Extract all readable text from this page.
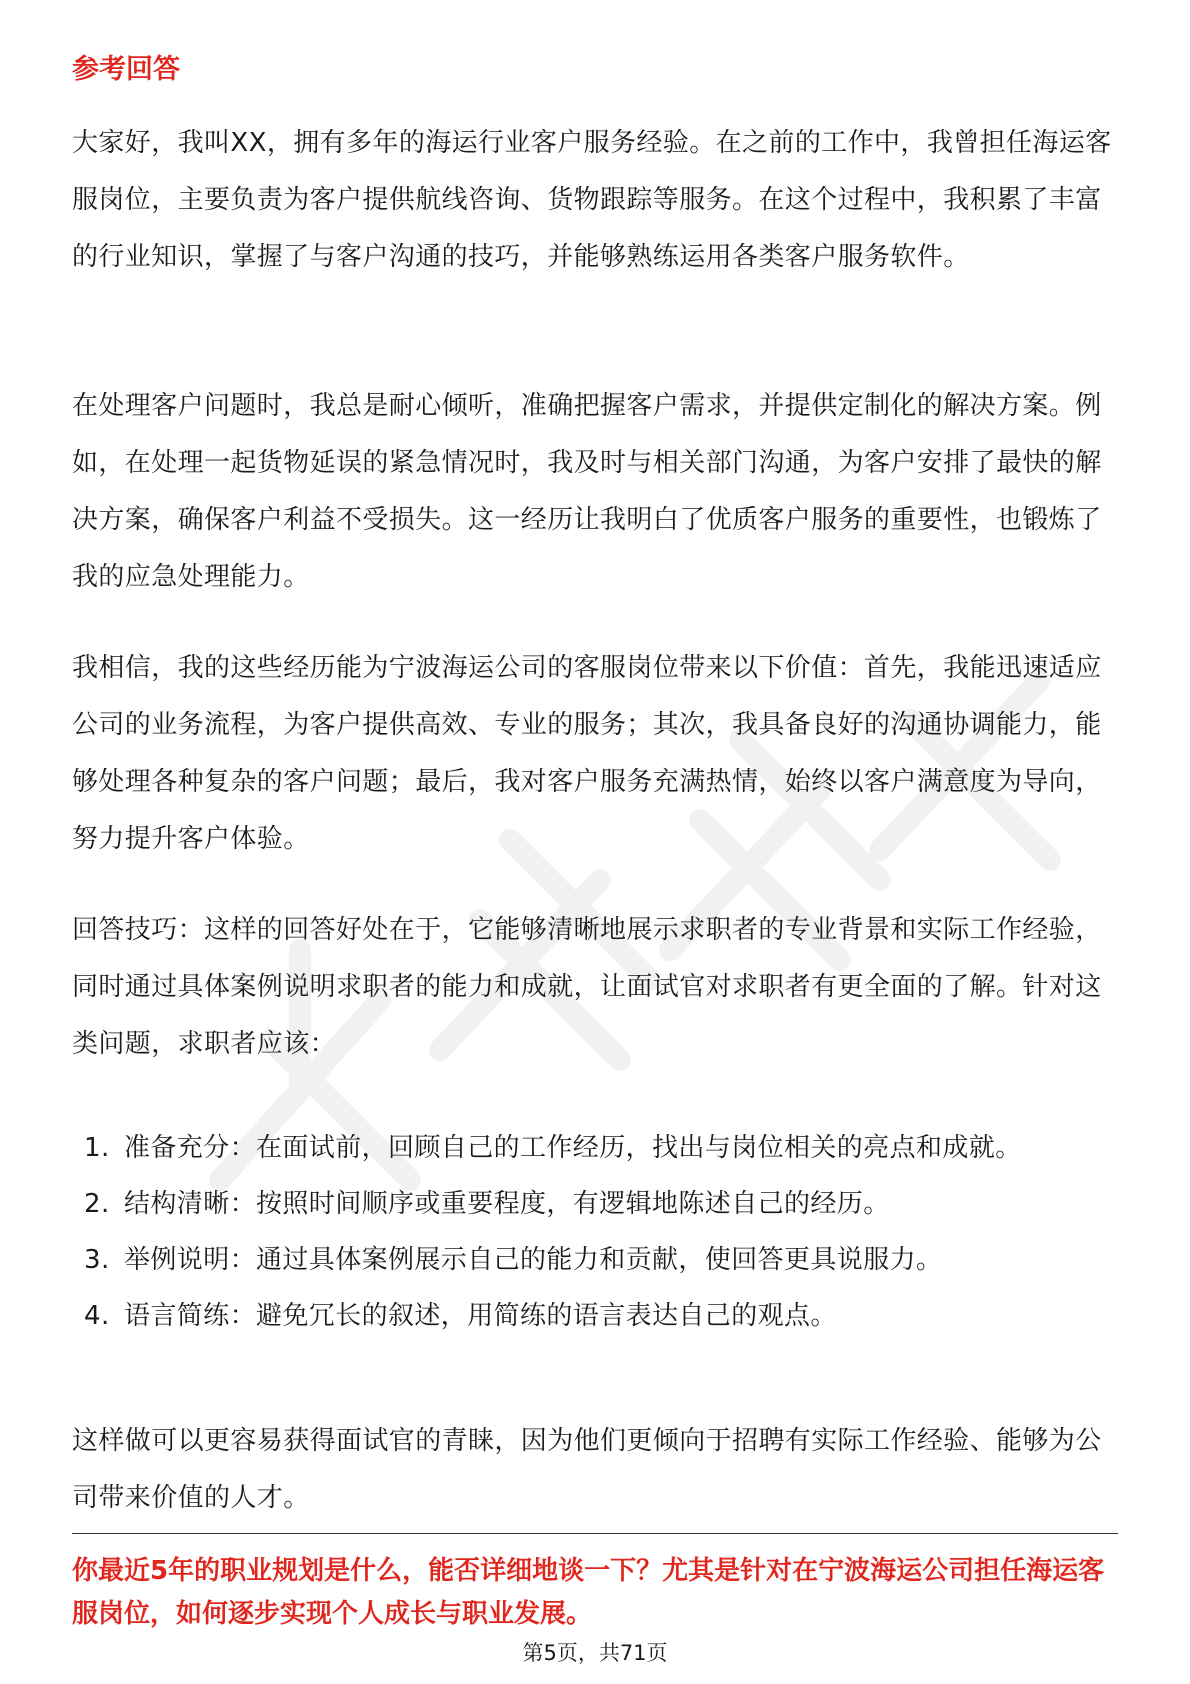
参考回答

大家好，我叫XX，拥有多年的海运行业客户服务经验。在之前的工作中，我曾担任海运客服岗位，主要负责为客户提供航线咨询、货物跟踪等服务。在这个过程中，我积累了丰富的行业知识，掌握了与客户沟通的技巧，并能够熟练运用各类客户服务软件。

在处理客户问题时，我总是耐心倾听，准确把握客户需求，并提供定制化的解决方案。例如，在处理一起货物延误的紧急情况时，我及时与相关部门沟通，为客户安排了最快的解决方案，确保客户利益不受损失。这一经历让我明白了优质客户服务的重要性，也锻炼了我的应急处理能力。

我相信，我的这些经历能为宁波海运公司的客服岗位带来以下价值：首先，我能迅速适应公司的业务流程，为客户提供高效、专业的服务；其次，我具备良好的沟通协调能力，能够处理各种复杂的客户问题；最后，我对客户服务充满热情，始终以客户满意度为导向，努力提升客户体验。

回答技巧：这样的回答好处在于，它能够清晰地展示求职者的专业背景和实际工作经验，同时通过具体案例说明求职者的能力和成就，让面试官对求职者有更全面的了解。针对这类问题，求职者应该：

1. 准备充分：在面试前，回顾自己的工作经历，找出与岗位相关的亮点和成就。
2. 结构清晰：按照时间顺序或重要程度，有逻辑地陈述自己的经历。
3. 举例说明：通过具体案例展示自己的能力和贡献，使回答更具说服力。
4. 语言简练：避免冗长的叙述，用简练的语言表达自己的观点。

这样做可以更容易获得面试官的青睐，因为他们更倾向于招聘有实际工作经验、能够为公司带来价值的人才。

你最近5年的职业规划是什么，能否详细地谈一下？尤其是针对在宁波海运公司担任海运客服岗位，如何逐步实现个人成长与职业发展。

第5页，共71页
